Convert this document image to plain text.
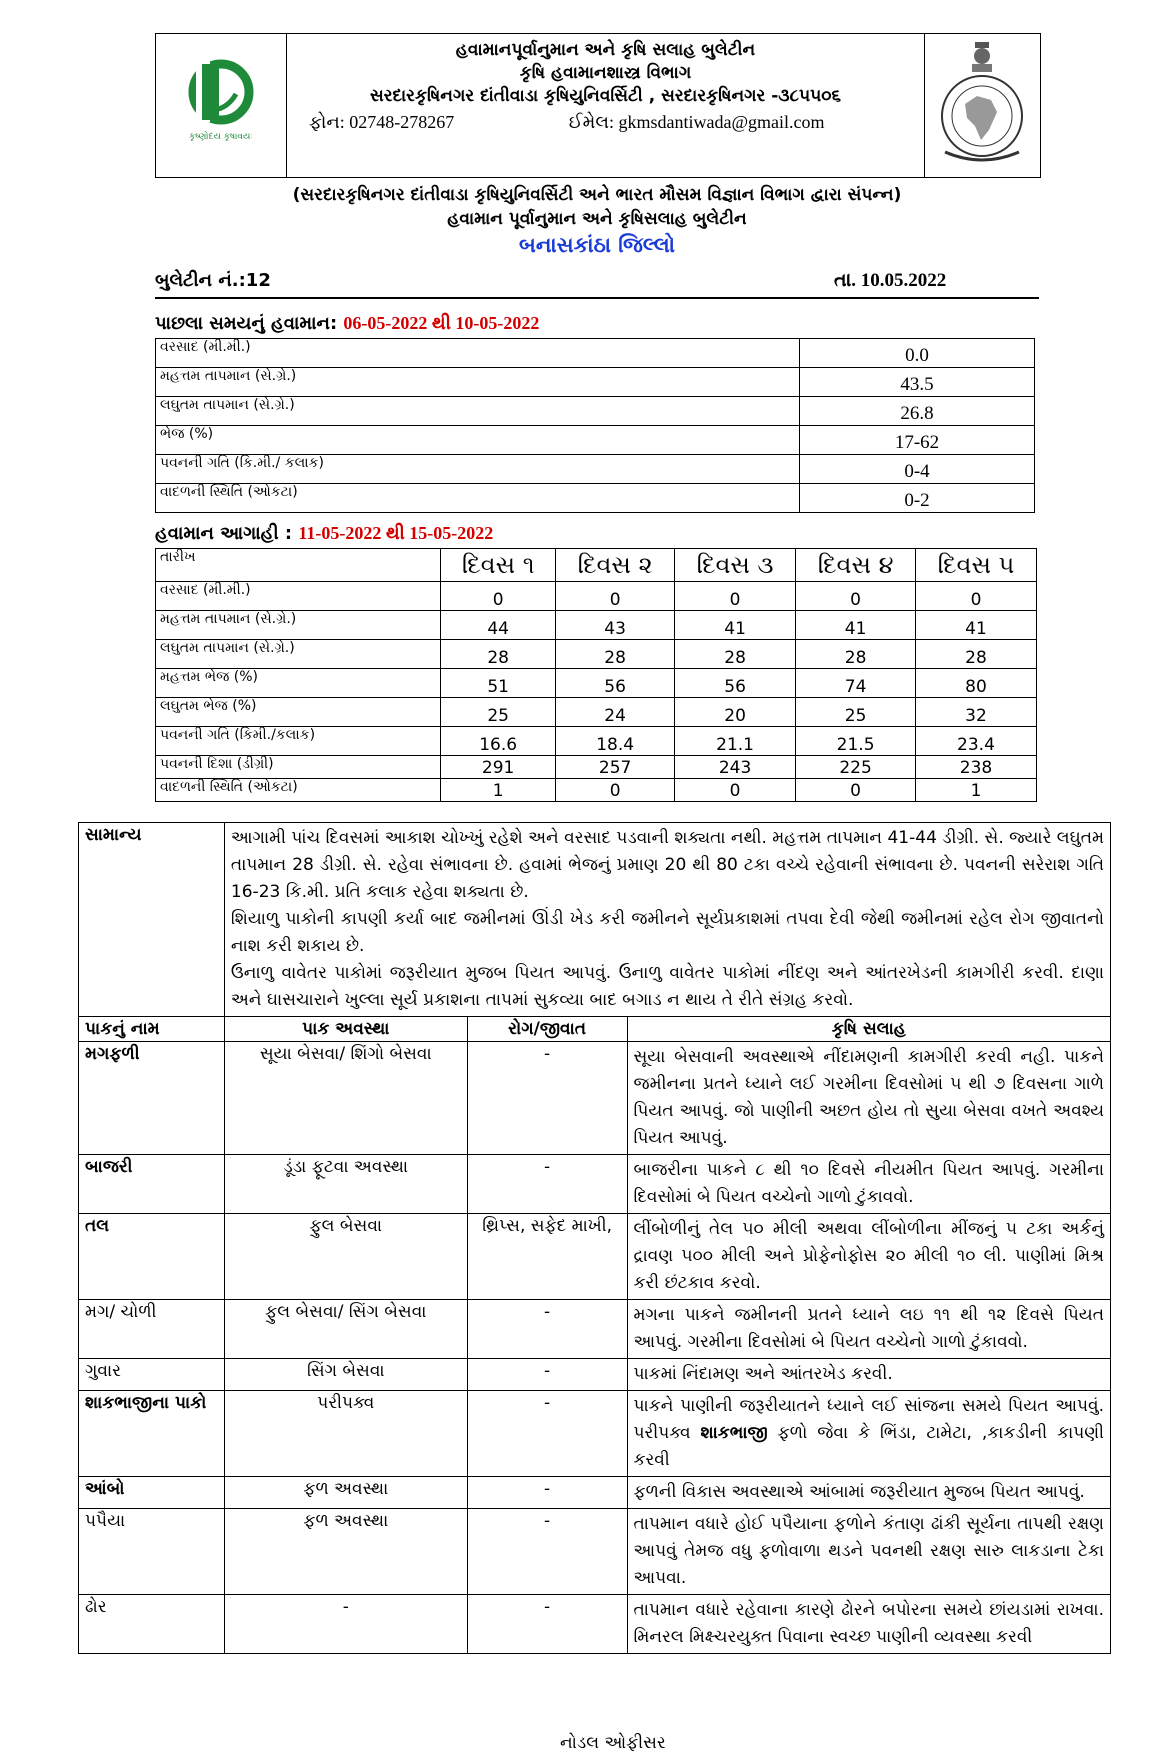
કૃષ્ણોદય કૃષાવયઃ
હવામાનપૂર્વાનુમાન અને કૃષિ સલાહ બુલેટીન
કૃષિ હવામાનશાસ્ત્ર વિભાગ
સરદારકૃષિનગર દાંતીવાડા કૃષિયુનિવર્સિટી , સરદારકૃષિનગર -૩૮૫૫૦૬
ફોન: 02748-278267	ઈમેલ: gkmsdantiwada@gmail.com
(સરદારકૃષિનગર દાંતીવાડા કૃષિયુનિવર્સિટી અને ભારત મૌસમ વિજ્ઞાન વિભાગ દ્વારા સંપન્ન)
હવામાન પૂર્વાનુમાન અને કૃષિસલાહ બુલેટીન
બનાસકાંઠા જિલ્લો
બુલેટીન નં.:12	તા. 10.05.2022
પાછલા સમયનું હવામાન: 06-05-2022 થી 10-05-2022
વરસાદ (મી.મી.)	0.0
મહત્તમ તાપમાન (સે.ગ્રે.)	43.5
લઘુતમ તાપમાન (સે.ગ્રે.)	26.8
ભેજ (%)	17-62
પવનની ગતિ (કિ.મી./ કલાક)	0-4
વાદળની સ્થિતિ (ઓકટા)	0-2
હવામાન આગાહી : 11-05-2022 થી 15-05-2022
તારીખ	દિવસ ૧	દિવસ ૨	દિવસ ૩	દિવસ ૪	દિવસ ૫
વરસાદ (મી.મી.)	0	0	0	0	0
મહત્તમ તાપમાન (સે.ગ્રે.)	44	43	41	41	41
લઘુતમ તાપમાન (સે.ગ્રે.)	28	28	28	28	28
મહત્તમ ભેજ (%)	51	56	56	74	80
લઘુતમ ભેજ (%)	25	24	20	25	32
પવનની ગતિ (કિમી./કલાક)	16.6	18.4	21.1	21.5	23.4
પવનની દિશા (ડીગ્રી)	291	257	243	225	238
વાદળની સ્થિતિ (ઓકટા)	1	0	0	0	1
સામાન્ય	આગામી પાંચ દિવસમાં આકાશ ચોખ્ખું રહેશે અને વરસાદ પડવાની શક્યતા નથી. મહત્તમ તાપમાન 41-44 ડીગ્રી. સે. જ્યારે લઘુતમ તાપમાન 28 ડીગ્રી. સે. રહેવા સંભાવના છે. હવામાં ભેજનું પ્રમાણ 20 થી 80 ટકા વચ્ચે રહેવાની સંભાવના છે. પવનની સરેરાશ ગતિ 16-23 કિ.મી. પ્રતિ કલાક રહેવા શક્યતા છે.
શિયાળુ પાકોની કાપણી કર્યા બાદ જમીનમાં ઊંડી ખેડ કરી જમીનને સૂર્યપ્રકાશમાં તપવા દેવી જેથી જમીનમાં રહેલ રોગ જીવાતનો નાશ કરી શકાય છે.
ઉનાળુ વાવેતર પાકોમાં જરૂરીયાત મુજબ પિયત આપવું. ઉનાળુ વાવેતર પાકોમાં નીંદણ અને આંતરખેડની કામગીરી કરવી. દાણા અને ઘાસચારાને ખુલ્લા સૂર્ય પ્રકાશના તાપમાં સુકવ્યા બાદ બગાડ ન થાય તે રીતે સંગ્રહ કરવો.		

પાકનું નામ	પાક અવસ્થા	રોગ/જીવાત	કૃષિ સલાહ
મગફળી	સૂયા બેસવા/ શિંગો બેસવા	-	સૂયા બેસવાની અવસ્થાએ નીંદામણની કામગીરી કરવી નહી. પાકને જમીનના પ્રતને ધ્યાને લઈ ગરમીના દિવસોમાં ૫ થી ૭ દિવસના ગાળે પિયત આપવું. જો પાણીની અછત હોય તો સુયા બેસવા વખતે અવશ્ય પિયત આપવું.
બાજરી	ડૂંડા ફૂટવા અવસ્થા	-	બાજરીના પાકને ૮ થી ૧૦ દિવસે નીયમીત પિયત આપવું. ગરમીના દિવસોમાં બે પિયત વચ્ચેનો ગાળો ટુંકાવવો.
તલ	ફુલ બેસવા	થ્રિપ્સ, સફેદ માખી,	લીંબોળીનું તેલ ૫૦ મીલી અથવા લીંબોળીના મીંજનું ૫ ટકા અર્કનું દ્રાવણ ૫૦૦ મીલી અને પ્રોફેનોફોસ ૨૦ મીલી ૧૦ લી. પાણીમાં મિશ્ર કરી છંટકાવ કરવો.
મગ/ ચોળી	ફુલ બેસવા/ સિંગ બેસવા	-	મગના પાકને જમીનની પ્રતને ધ્યાને લઇ ૧૧ થી ૧૨ દિવસે પિયત આપવું. ગરમીના દિવસોમાં બે પિયત વચ્ચેનો ગાળો ટુંકાવવો.
ગુવાર	સિંગ બેસવા	-	પાકમાં નિંદામણ અને આંતરખેડ કરવી.
શાકભાજીના પાકો	પરીપક્વ	-	પાકને પાણીની જરૂરીયાતને ધ્યાને લઈ સાંજના સમયે પિયત આપવું. પરીપક્વ શાકભાજી ફળો જેવા કે ભિંડા, ટામેટા, ,કાકડીની કાપણી કરવી
આંબો	ફળ અવસ્થા	-	ફળની વિકાસ અવસ્થાએ આંબામાં જરૂરીયાત મુજબ પિયત આપવું.
પપૈયા	ફળ અવસ્થા	-	તાપમાન વધારે હોઈ પપૈયાના ફળોને કંતાણ ઢાંકી સૂર્યના તાપથી રક્ષણ આપવું તેમજ વધુ ફળોવાળા થડને પવનથી રક્ષણ સારુ લાકડાના ટેકા આપવા.
ઢોર	-	-	તાપમાન વધારે રહેવાના કારણે ઢોરને બપોરના સમયે છાંયડામાં રાખવા. મિનરલ મિક્ષ્ચરયુક્ત પિવાના સ્વચ્છ પાણીની વ્યવસ્થા કરવી
નોડલ ઓફીસર
